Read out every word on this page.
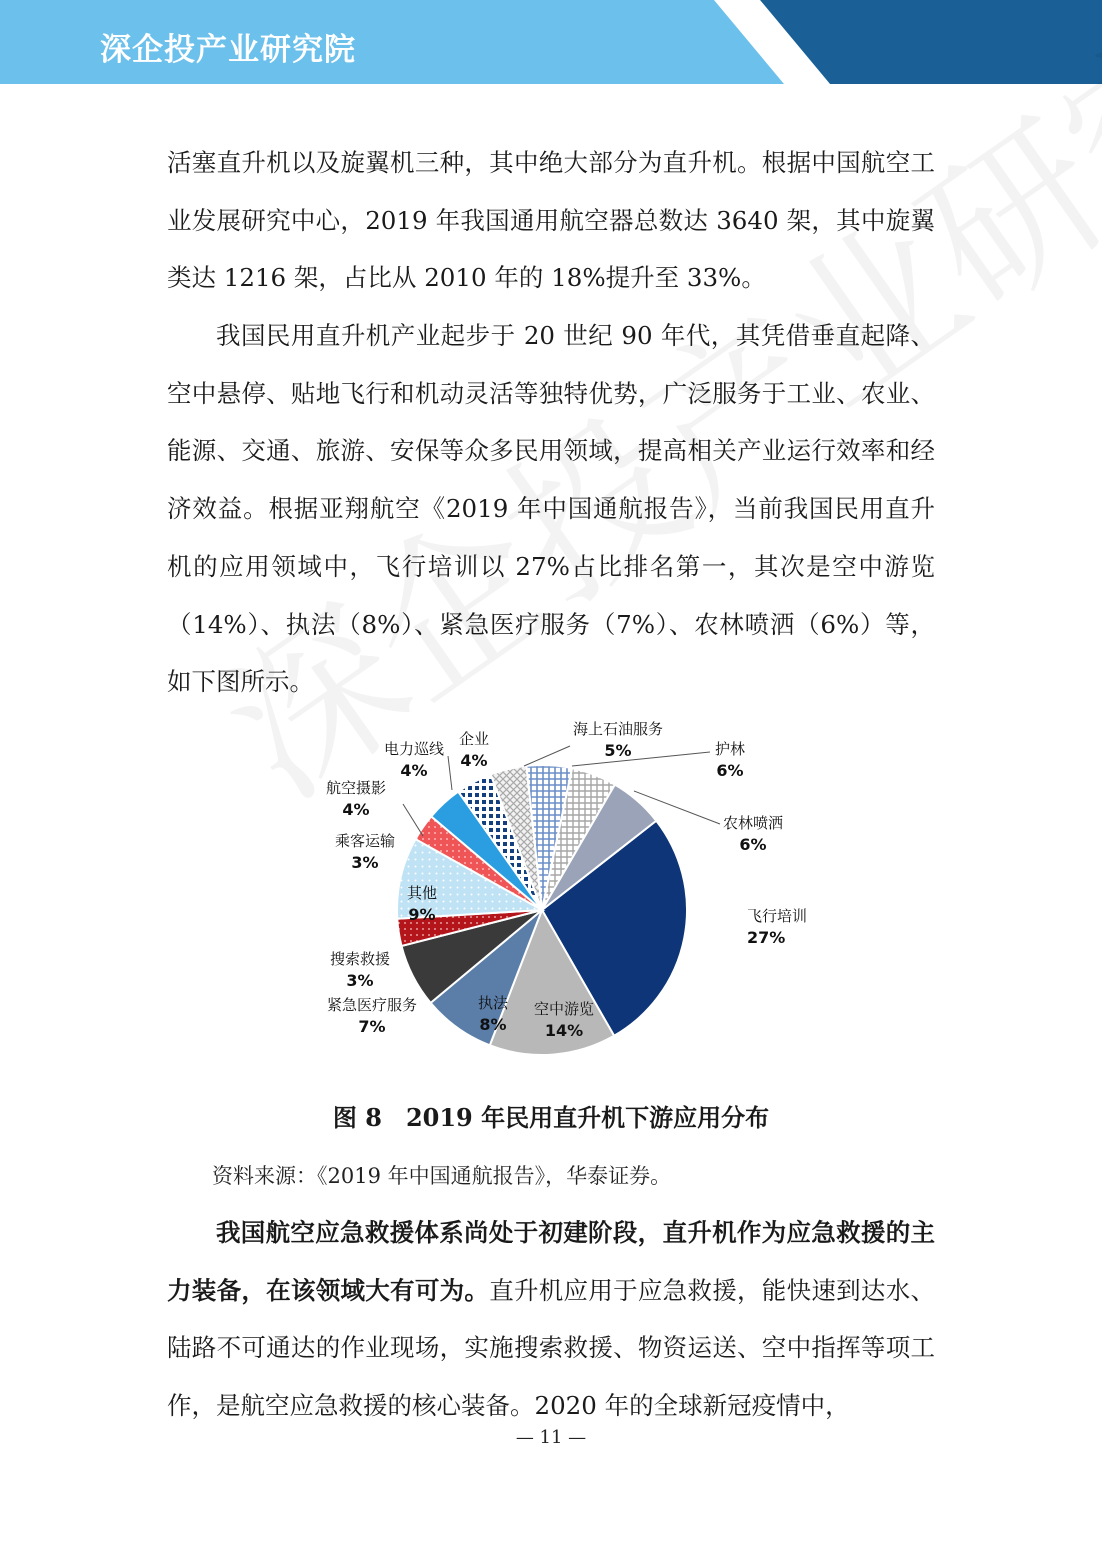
深企投产业研究院

活塞直升机以及旋翼机三种，其中绝大部分为直升机。根据中国航空工业发展研究中心，2019 年我国通用航空器总数达 3640 架，其中旋翼类达 1216 架，占比从 2010 年的 18%提升至 33%。

我国民用直升机产业起步于 20 世纪 90 年代，其凭借垂直起降、空中悬停、贴地飞行和机动灵活等独特优势，广泛服务于工业、农业、能源、交通、旅游、安保等众多民用领域，提高相关产业运行效率和经济效益。根据亚翔航空《2019 年中国通航报告》，当前我国民用直升机的应用领域中，飞行培训以 27%占比排名第一，其次是空中游览（14%）、执法（8%）、紧急医疗服务（7%）、农林喷洒（6%）等，如下图所示。

飞行培训
27%
空中游览
14%
执法
8%
紧急医疗服务
7%
搜索救援
3%
其他
9%
乘客运输
3%
航空摄影
4%
电力巡线
4%
企业
4%
海上石油服务
5%	护林
6%
农林喷洒
6%
图 8　2019 年民用直升机下游应用分布
资料来源：《2019 年中国通航报告》，华泰证券。

我国航空应急救援体系尚处于初建阶段，直升机作为应急救援的主力装备，在该领域大有可为。直升机应用于应急救援，能快速到达水、陆路不可通达的作业现场，实施搜索救援、物资运送、空中指挥等项工作，是航空应急救援的核心装备。2020 年的全球新冠疫情中，

— 11 —
